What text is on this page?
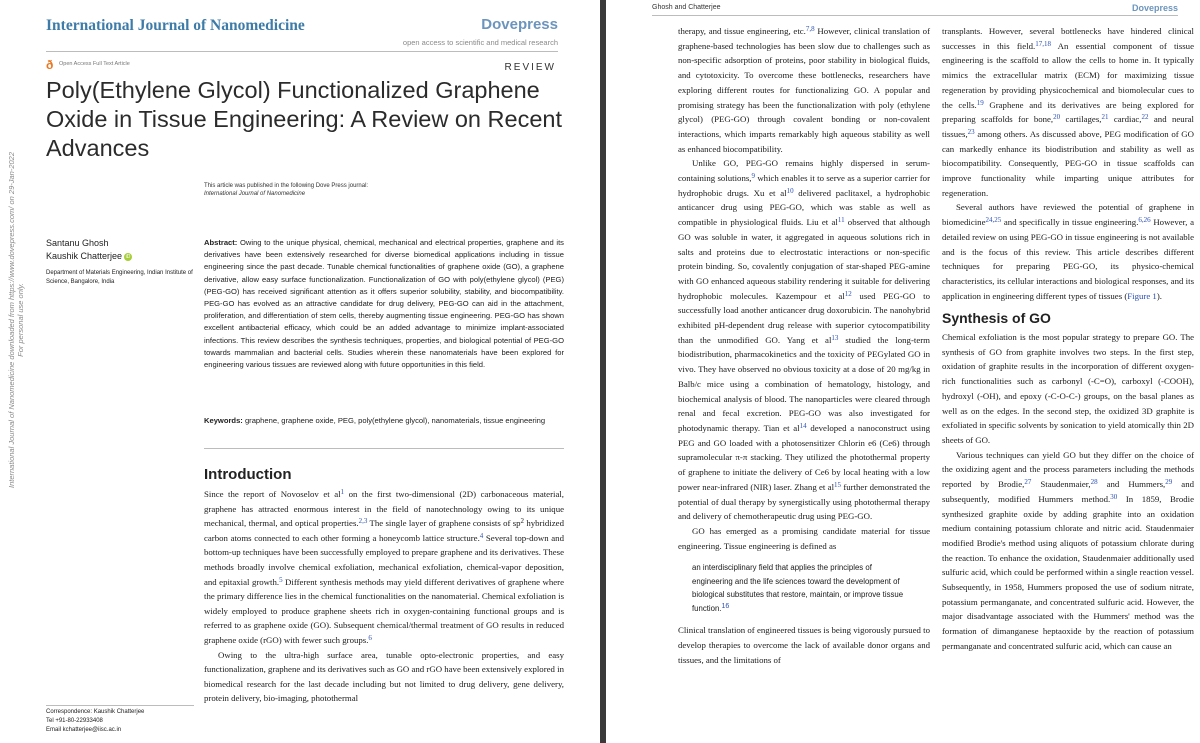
International Journal of Nanomedicine	Dovepress
open access to scientific and medical research
ð	Open Access Full Text Article	REVIEW
Poly(Ethylene Glycol) Functionalized Graphene Oxide in Tissue Engineering: A Review on Recent Advances
International Journal of Nanomedicine downloaded from https://www.dovepress.com/ on 29-Jan-2022 For personal use only.
This article was published in the following Dove Press journal:
International Journal of Nanomedicine
Santanu Ghosh
Kaushik Chatterjee iD
Department of Materials Engineering, Indian Institute of Science, Bangalore, India
Abstract: Owing to the unique physical, chemical, mechanical and electrical properties, graphene and its derivatives have been extensively researched for diverse biomedical applications including in tissue engineering since the past decade. Tunable chemical functionalities of graphene oxide (GO), a graphene derivative, allow easy surface functionalization. Functionalization of GO with poly(ethylene glycol) (PEG) (PEG-GO) has received significant attention as it offers superior solubility, stability, and biocompatibility. PEG-GO has evolved as an attractive candidate for drug delivery, PEG-GO can aid in the attachment, proliferation, and differentiation of stem cells, thereby augmenting tissue engineering. PEG-GO has shown excellent antibacterial efficacy, which could be an added advantage to minimize implant-associated infections. This review describes the synthesis techniques, properties, and biological potential of PEG-GO towards mammalian and bacterial cells. Studies wherein these nanomaterials have been explored for engineering various tissues are reviewed along with future opportunities in this field.
Keywords: graphene, graphene oxide, PEG, poly(ethylene glycol), nanomaterials, tissue engineering
Introduction

Since the report of Novoselov et $al^1$ on the first two-dimensional (2D) carbonaceous material, graphene has attracted enormous interest in the field of nanotechnology owing to its unique mechanical, thermal, and optical properties.$^{2,3}$ The single layer of graphene consists of $sp^2$ hybridized carbon atoms connected to each other forming a honeycomb lattice structure.$^4$ Several top-down and bottom-up techniques have been successfully employed to prepare graphene and its derivatives. These methods broadly involve chemical exfoliation, mechanical exfoliation, chemical-vapor deposition, and epitaxial growth.$^5$ Different synthesis methods may yield different derivatives of graphene where the primary difference lies in the chemical functionalities on the nanomaterial. Chemical exfoliation is widely employed to produce graphene sheets rich in oxygen-containing functional groups and is referred to as graphene oxide (GO). Subsequent chemical/thermal treatment of GO results in reduced graphene oxide (rGO) with fewer such groups.$^6$

Owing to the ultra-high surface area, tunable opto-electronic properties, and easy functionalization, graphene and its derivatives such as GO and rGO have been extensively explored in biomedical research for the last decade including but not limited to drug delivery, gene delivery, protein delivery, bio-imaging, photothermal

Correspondence: Kaushik Chatterjee
Tel +91-80-22933408
Email kchatterjee@iisc.ac.in
Ghosh and Chatterjee	Dovepress

therapy, and tissue engineering, etc.$^{7,8}$ However, clinical translation of graphene-based technologies has been slow due to challenges such as non-specific adsorption of proteins, poor stability in biological fluids, and cytotoxicity. To overcome these bottlenecks, researchers have exploring different routes for functionalizing GO. A popular and promising strategy has been the functionalization with poly (ethylene glycol) (PEG-GO) through covalent bonding or non-covalent interactions, which imparts remarkably high aqueous stability as well as enhanced biocompatibility.

Unlike GO, PEG-GO remains highly dispersed in serum-containing solutions,$^9$ which enables it to serve as a superior carrier for hydrophobic drugs. Xu et $al^{10}$ delivered paclitaxel, a hydrophobic anticancer drug using PEG-GO, which was stable as well as compatible in physiological fluids. Liu et $al^{11}$ observed that although GO was soluble in water, it aggregated in aqueous solutions rich in salts and proteins due to electrostatic interactions or non-specific protein binding. So, covalently conjugation of star-shaped PEG-amine with GO enhanced aqueous stability rendering it suitable for delivering hydrophobic molecules. Kazempour et $al^{12}$ used PEG-GO to successfully load another anticancer drug doxorubicin. The nanohybrid exhibited pH-dependent drug release with superior cytocompatibility than the unmodified GO. Yang et $al^{13}$ studied the long-term biodistribution, pharmacokinetics and the toxicity of PEGylated GO in vivo. They have observed no obvious toxicity at a dose of 20 mg/kg in Balb/c mice using a combination of hematology, histology, and biochemical analysis of blood. The nanoparticles were cleared through renal and fecal excretion. PEG-GO was also investigated for photodynamic therapy. Tian et $al^{14}$ developed a nanoconstruct using PEG and GO loaded with a photosensitizer Chlorin e6 (Ce6) through supramolecular π-π stacking. They utilized the photothermal property of graphene to initiate the delivery of Ce6 by local heating with a low power near-infrared (NIR) laser. Zhang et $al^{15}$ further demonstrated the potential of dual therapy by synergistically using photothermal therapy and delivery of chemotherapeutic drug using PEG-GO.

GO has emerged as a promising candidate material for tissue engineering. Tissue engineering is defined as

an interdisciplinary field that applies the principles of engineering and the life sciences toward the development of biological substitutes that restore, maintain, or improve tissue function.$^{16}$

Clinical translation of engineered tissues is being vigorously pursued to develop therapies to overcome the lack of available donor organs and tissues, and the limitations of

transplants. However, several bottlenecks have hindered clinical successes in this field.$^{17,18}$ An essential component of tissue engineering is the scaffold to allow the cells to home in. It typically mimics the extracellular matrix (ECM) for maximizing tissue regeneration by providing physicochemical and biomolecular cues to the cells.$^{19}$ Graphene and its derivatives are being explored for preparing scaffolds for bone,$^{20}$ cartilages,$^{21}$ cardiac,$^{22}$ and neural tissues,$^{23}$ among others. As discussed above, PEG modification of GO can markedly enhance its biodistribution and stability as well as biocompatibility. Consequently, PEG-GO in tissue scaffolds can improve functionality while imparting unique attributes for regeneration.

Several authors have reviewed the potential of graphene in biomedicine$^{24,25}$ and specifically in tissue engineering.$^{6,26}$ However, a detailed review on using PEG-GO in tissue engineering is not available and is the focus of this review. This article describes different techniques for preparing PEG-GO, its physico-chemical characteristics, its cellular interactions and biological responses, and its application in engineering different types of tissues (Figure 1).

Synthesis of GO

Chemical exfoliation is the most popular strategy to prepare GO. The synthesis of GO from graphite involves two steps. In the first step, oxidation of graphite results in the incorporation of different oxygen-rich functionalities such as carbonyl (-C=O), carboxyl (-COOH), hydroxyl (-OH), and epoxy (-C-O-C-) groups, on the basal planes as well as on the edges. In the second step, the oxidized 3D graphite is exfoliated in specific solvents by sonication to yield atomically thin 2D sheets of GO.

Various techniques can yield GO but they differ on the choice of the oxidizing agent and the process parameters including the methods reported by Brodie,$^{27}$ Staudenmaier,$^{28}$ and Hummers,$^{29}$ and subsequently, modified Hummers method.$^{30}$ In 1859, Brodie synthesized graphite oxide by adding graphite into an oxidation medium containing potassium chlorate and nitric acid. Staudenmaier modified Brodie's method using aliquots of potassium chlorate during the reaction. To enhance the oxidation, Staudenmaier additionally used sulfuric acid, which could be performed within a single reaction vessel. Subsequently, in 1958, Hummers proposed the use of sodium nitrate, potassium permanganate, and concentrated sulfuric acid. However, the major disadvantage associated with the Hummers' method was the formation of dimanganese heptaoxide by the reaction of potassium permanganate and concentrated sulfuric acid, which can cause an
